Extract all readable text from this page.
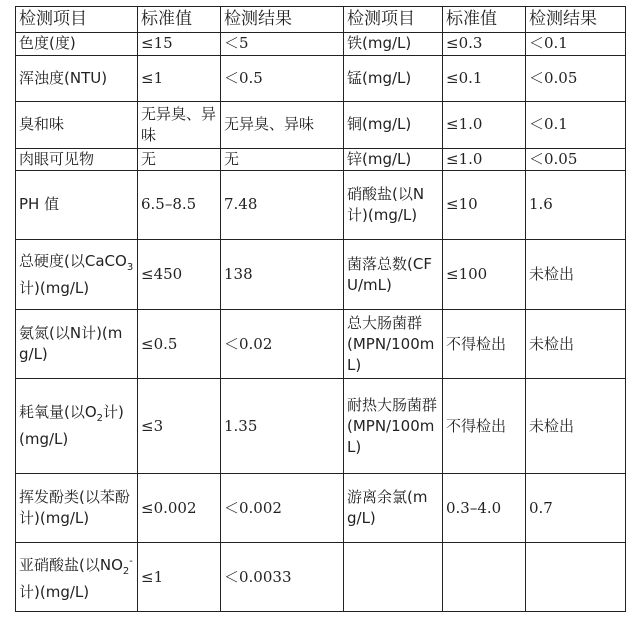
检测项目	标准值	检测结果	检测项目	标准值	检测结果
色度(度)	≤15	＜5	铁(mg/L)	≤0.3	＜0.1
浑浊度(NTU)	≤1	＜0.5	锰(mg/L)	≤0.1	＜0.05
臭和味	无异臭、异味	无异臭、异味	铜(mg/L)	≤1.0	＜0.1
肉眼可见物	无	无	锌(mg/L)	≤1.0	＜0.05
PH 值	6.5–8.5	7.48	硝酸盐(以N计)(mg/L)	≤10	1.6
总硬度(以CaCO$_3$计)(mg/L)	≤450	138	菌落总数(CFU/mL)	≤100	未检出
氨氮(以N计)(mg/L)	≤0.5	＜0.02	总大肠菌群(MPN/100mL)	不得检出	未检出
耗氧量(以$O_2$计)(mg/L)	≤3	1.35	耐热大肠菌群(MPN/100mL)	不得检出	未检出
挥发酚类(以苯酚计)(mg/L)	≤0.002	＜0.002	游离余氯(mg/L)	0.3–4.0	0.7
亚硝酸盐(以$NO_2^-$计)(mg/L)	≤1	＜0.0033			
